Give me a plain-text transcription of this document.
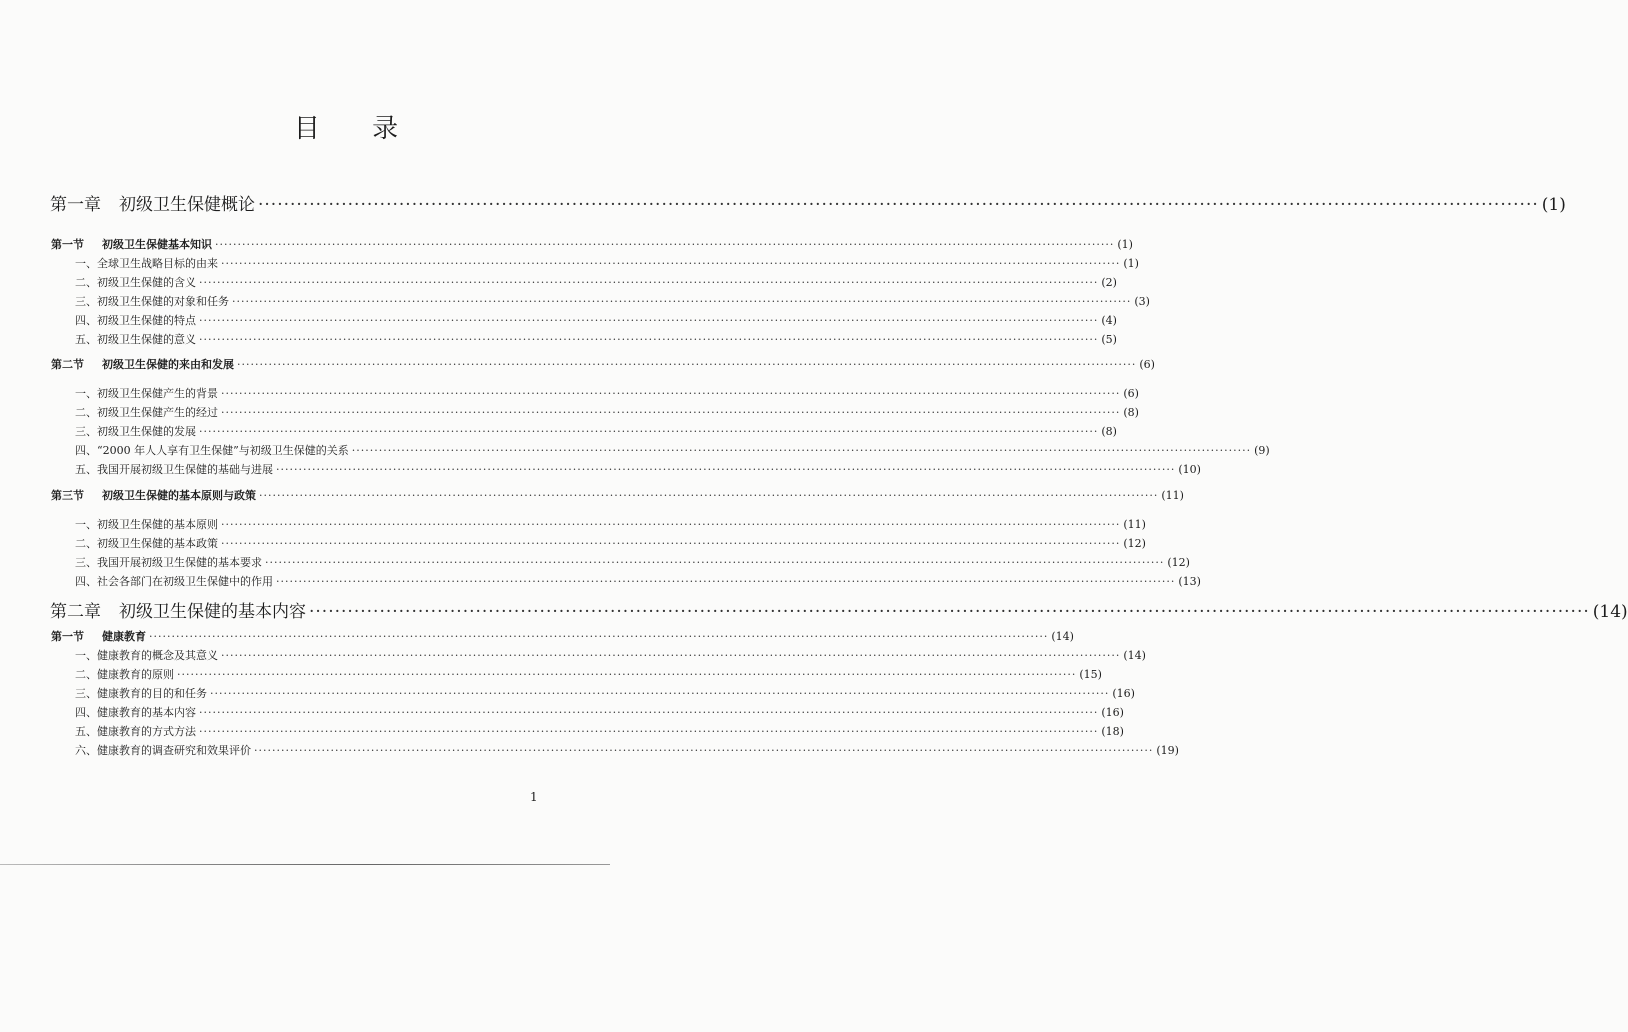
目 录
第一章 初级卫生保健概论 ········································································································································································································ (1)
第一节 初级卫生保健基本知识 ········································································································································································································ (1)
一、全球卫生战略目标的由来 ········································································································································································································ (1)
二、初级卫生保健的含义 ········································································································································································································ (2)
三、初级卫生保健的对象和任务 ········································································································································································································ (3)
四、初级卫生保健的特点 ········································································································································································································ (4)
五、初级卫生保健的意义 ········································································································································································································ (5)
第二节 初级卫生保健的来由和发展 ········································································································································································································ (6)
一、初级卫生保健产生的背景 ········································································································································································································ (6)
二、初级卫生保健产生的经过 ········································································································································································································ (8)
三、初级卫生保健的发展 ········································································································································································································ (8)
四、“2000 年人人享有卫生保健”与初级卫生保健的关系 ········································································································································································································ (9)
五、我国开展初级卫生保健的基础与进展 ········································································································································································································ (10)
第三节 初级卫生保健的基本原则与政策 ········································································································································································································ (11)
一、初级卫生保健的基本原则 ········································································································································································································ (11)
二、初级卫生保健的基本政策 ········································································································································································································ (12)
三、我国开展初级卫生保健的基本要求 ········································································································································································································ (12)
四、社会各部门在初级卫生保健中的作用 ········································································································································································································ (13)
第二章 初级卫生保健的基本内容 ········································································································································································································ (14)
第一节 健康教育 ········································································································································································································ (14)
一、健康教育的概念及其意义 ········································································································································································································ (14)
二、健康教育的原则 ········································································································································································································ (15)
三、健康教育的目的和任务 ········································································································································································································ (16)
四、健康教育的基本内容 ········································································································································································································ (16)
五、健康教育的方式方法 ········································································································································································································ (18)
六、健康教育的调查研究和效果评价 ········································································································································································································ (19)
1
